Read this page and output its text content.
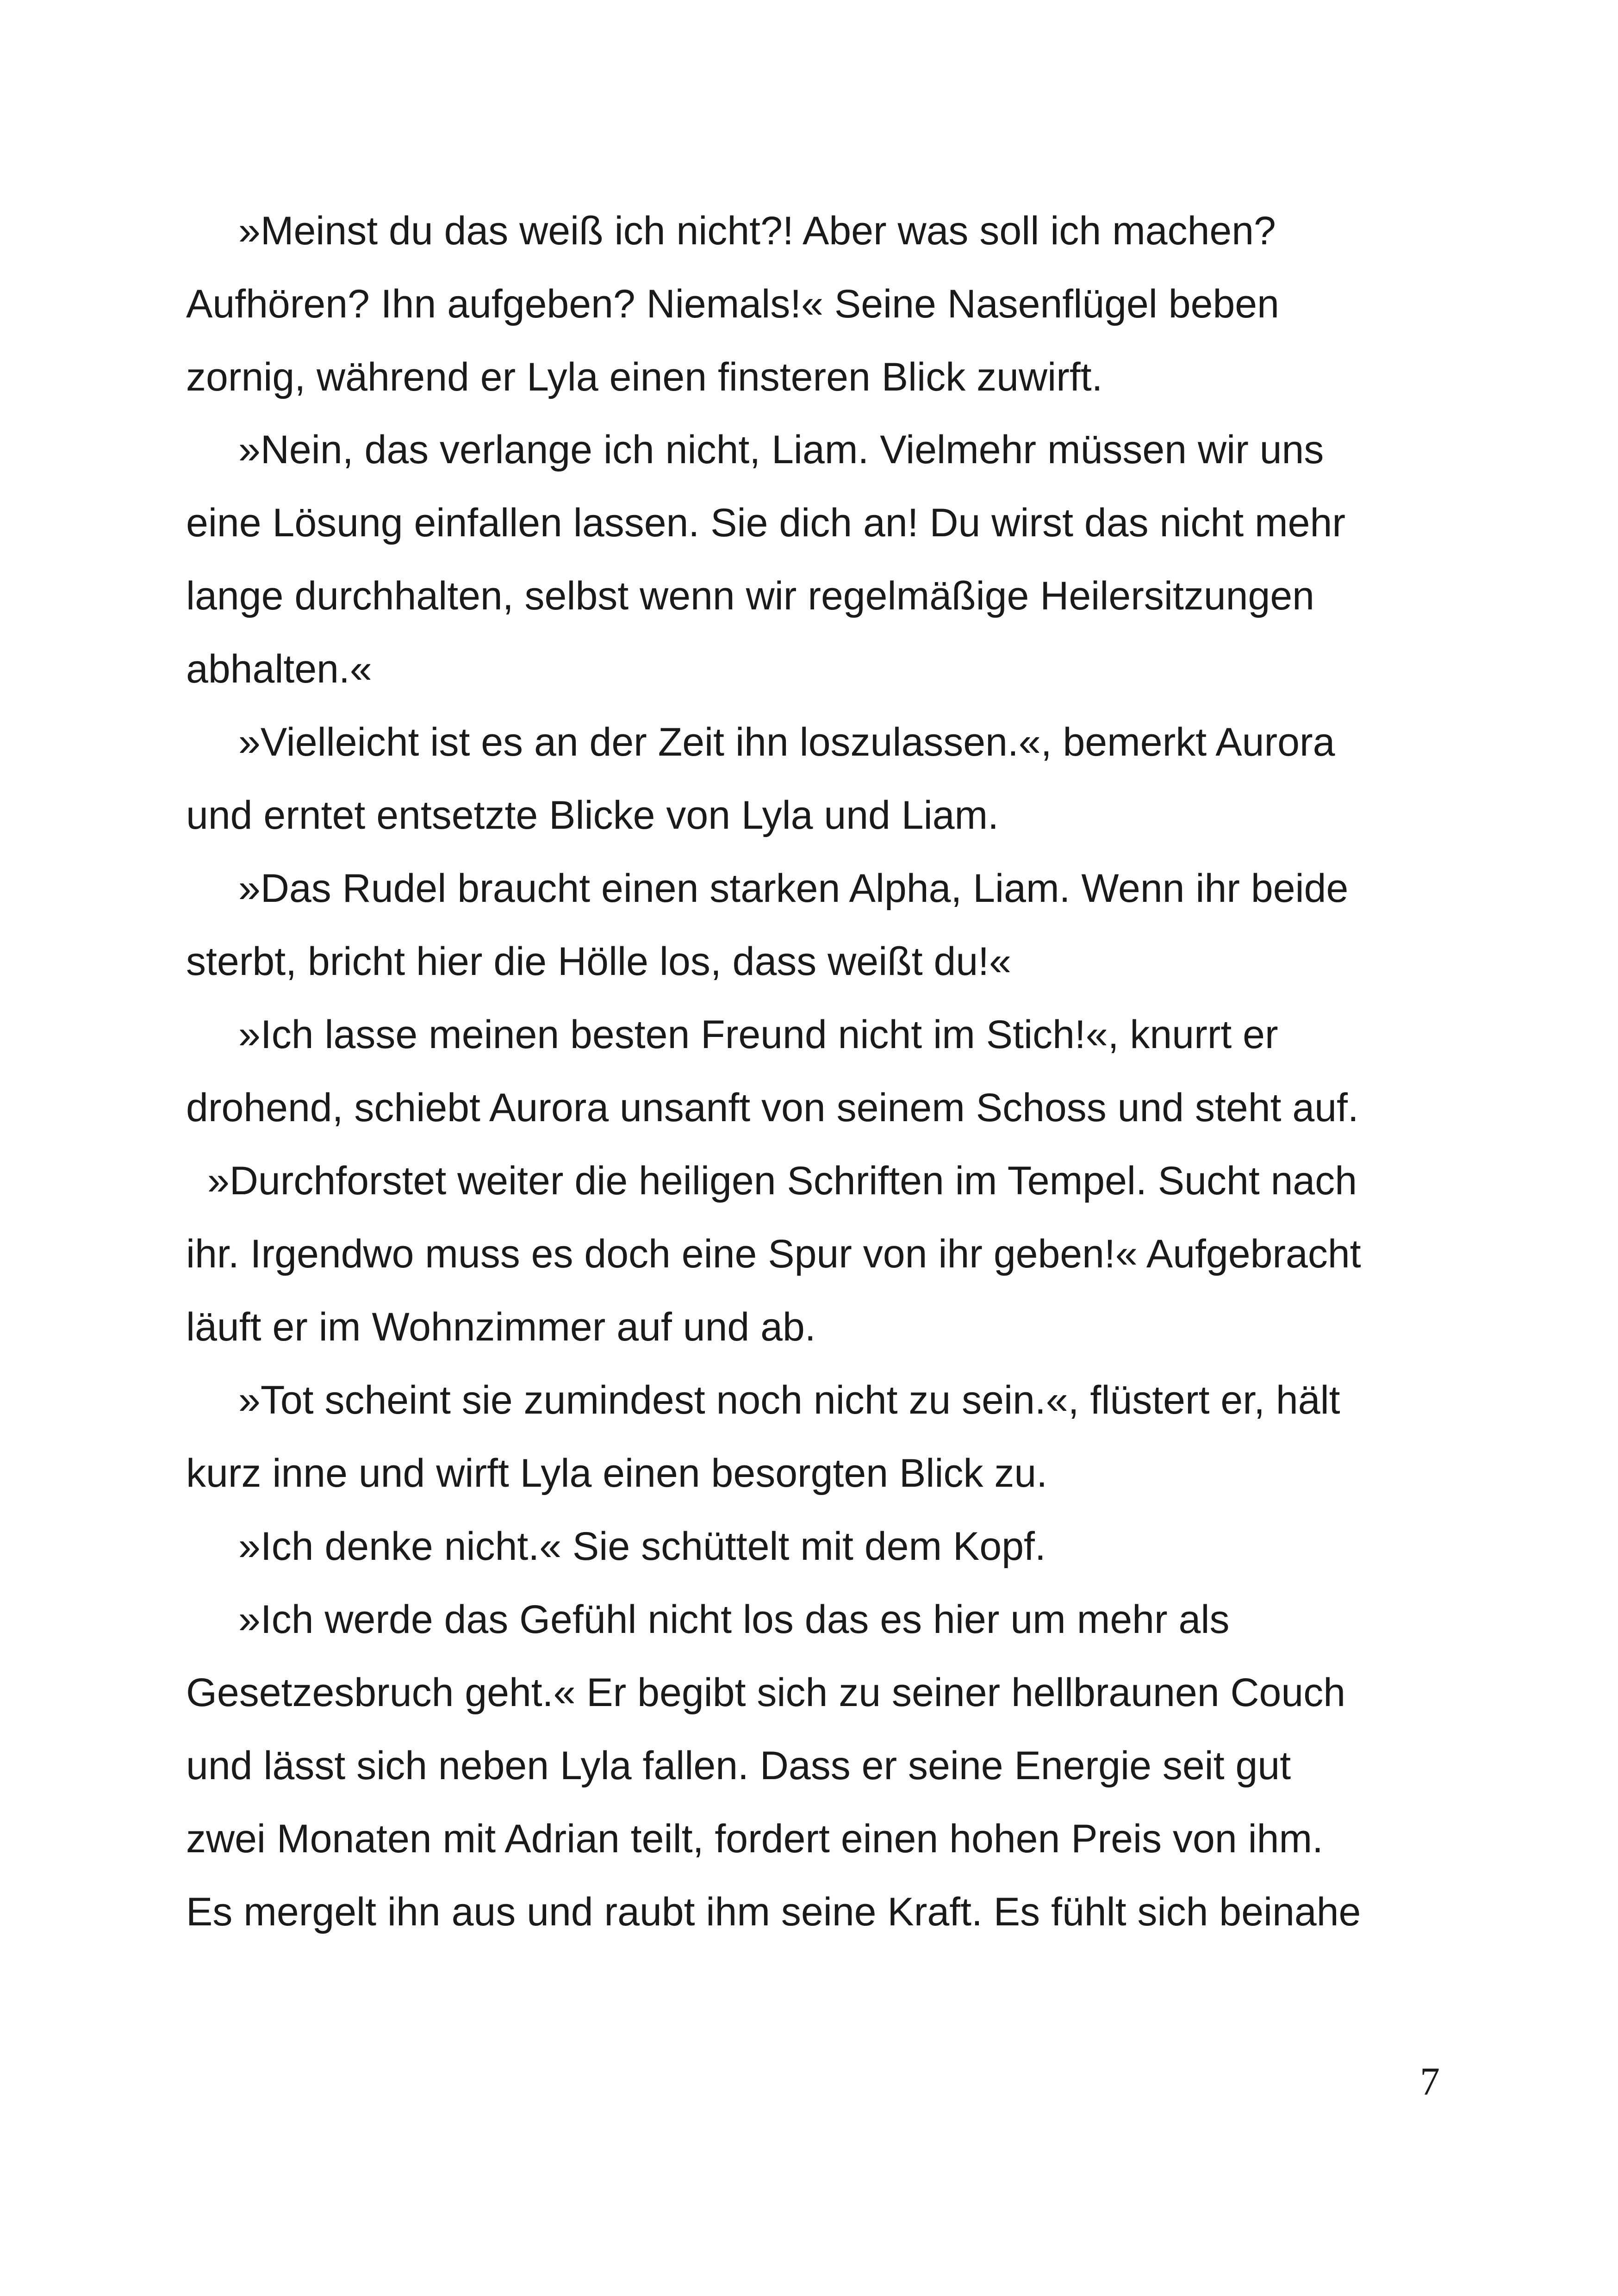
»Meinst du das weiß ich nicht?! Aber was soll ich machen?
Aufhören? Ihn aufgeben? Niemals!« Seine Nasenflügel beben
zornig, während er Lyla einen finsteren Blick zuwirft.
»Nein, das verlange ich nicht, Liam. Vielmehr müssen wir uns
eine Lösung einfallen lassen. Sie dich an! Du wirst das nicht mehr
lange durchhalten, selbst wenn wir regelmäßige Heilersitzungen
abhalten.«
»Vielleicht ist es an der Zeit ihn loszulassen.«, bemerkt Aurora
und erntet entsetzte Blicke von Lyla und Liam.
»Das Rudel braucht einen starken Alpha, Liam. Wenn ihr beide
sterbt, bricht hier die Hölle los, dass weißt du!«
»Ich lasse meinen besten Freund nicht im Stich!«, knurrt er
drohend, schiebt Aurora unsanft von seinem Schoss und steht auf.
»Durchforstet weiter die heiligen Schriften im Tempel. Sucht nach
ihr. Irgendwo muss es doch eine Spur von ihr geben!« Aufgebracht
läuft er im Wohnzimmer auf und ab.
»Tot scheint sie zumindest noch nicht zu sein.«, flüstert er, hält
kurz inne und wirft Lyla einen besorgten Blick zu.
»Ich denke nicht.« Sie schüttelt mit dem Kopf.
»Ich werde das Gefühl nicht los das es hier um mehr als
Gesetzesbruch geht.« Er begibt sich zu seiner hellbraunen Couch
und lässt sich neben Lyla fallen. Dass er seine Energie seit gut
zwei Monaten mit Adrian teilt, fordert einen hohen Preis von ihm.
Es mergelt ihn aus und raubt ihm seine Kraft. Es fühlt sich beinahe
7
